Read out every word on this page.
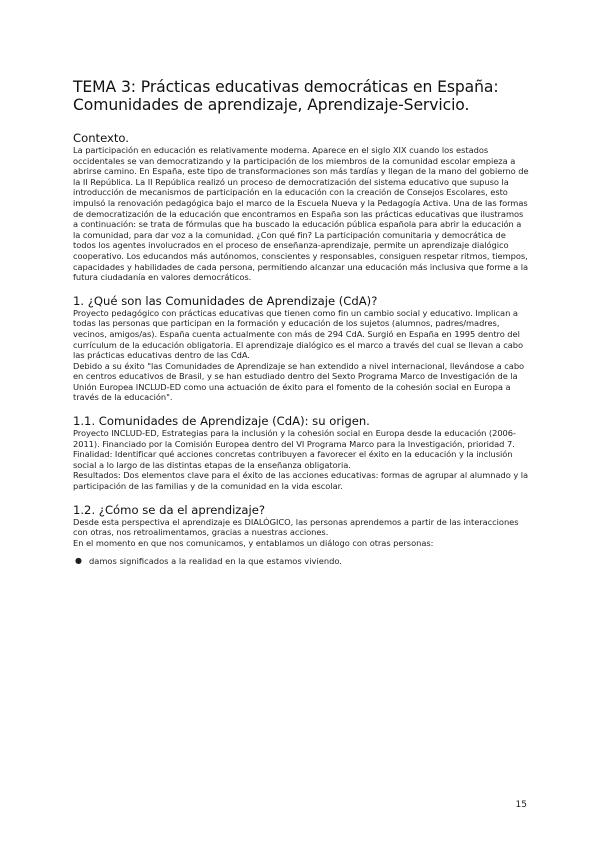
TEMA 3: Prácticas educativas democráticas en España: Comunidades de aprendizaje, Aprendizaje-Servicio.
Contexto.

La participación en educación es relativamente moderna. Aparece en el siglo XIX cuando los estados occidentales se van democratizando y la participación de los miembros de la comunidad escolar empieza a abrirse camino. En España, este tipo de transformaciones son más tardías y llegan de la mano del gobierno de la II República. La II República realizó un proceso de democratización del sistema educativo que supuso la introducción de mecanismos de participación en la educación con la creación de Consejos Escolares, esto impulsó la renovación pedagógica bajo el marco de la Escuela Nueva y la Pedagogía Activa. Una de las formas de democratización de la educación que encontramos en España son las prácticas educativas que ilustramos a continuación: se trata de fórmulas que ha buscado la educación pública española para abrir la educación a la comunidad, para dar voz a la comunidad. ¿Con qué fin? La participación comunitaria y democrática de todos los agentes involucrados en el proceso de enseñanza-aprendizaje, permite un aprendizaje dialógico cooperativo. Los educandos más autónomos, conscientes y responsables, consiguen respetar ritmos, tiempos, capacidades y habilidades de cada persona, permitiendo alcanzar una educación más inclusiva que forme a la futura ciudadanía en valores democráticos.

1. ¿Qué son las Comunidades de Aprendizaje (CdA)?

Proyecto pedagógico con prácticas educativas que tienen como fin un cambio social y educativo. Implican a todas las personas que participan en la formación y educación de los sujetos (alumnos, padres/madres, vecinos, amigos/as). España cuenta actualmente con más de 294 CdA. Surgió en España en 1995 dentro del currículum de la educación obligatoria. El aprendizaje dialógico es el marco a través del cual se llevan a cabo las prácticas educativas dentro de las CdA.

Debido a su éxito "las Comunidades de Aprendizaje se han extendido a nivel internacional, llevándose a cabo en centros educativos de Brasil, y se han estudiado dentro del Sexto Programa Marco de Investigación de la Unión Europea INCLUD-ED como una actuación de éxito para el fomento de la cohesión social en Europa a través de la educación".

1.1. Comunidades de Aprendizaje (CdA): su origen.

Proyecto INCLUD-ED, Estrategias para la inclusión y la cohesión social en Europa desde la educación (2006-2011). Financiado por la Comisión Europea dentro del VI Programa Marco para la Investigación, prioridad 7.

Finalidad: Identificar qué acciones concretas contribuyen a favorecer el éxito en la educación y la inclusión social a lo largo de las distintas etapas de la enseñanza obligatoria.

Resultados: Dos elementos clave para el éxito de las acciones educativas: formas de agrupar al alumnado y la participación de las familias y de la comunidad en la vida escolar.

1.2. ¿Cómo se da el aprendizaje?

Desde esta perspectiva el aprendizaje es DIALÓGICO, las personas aprendemos a partir de las interacciones con otras, nos retroalimentamos, gracias a nuestras acciones.

En el momento en que nos comunicamos, y entablamos un diálogo con otras personas:

● damos significados a la realidad en la que estamos viviendo.
15
